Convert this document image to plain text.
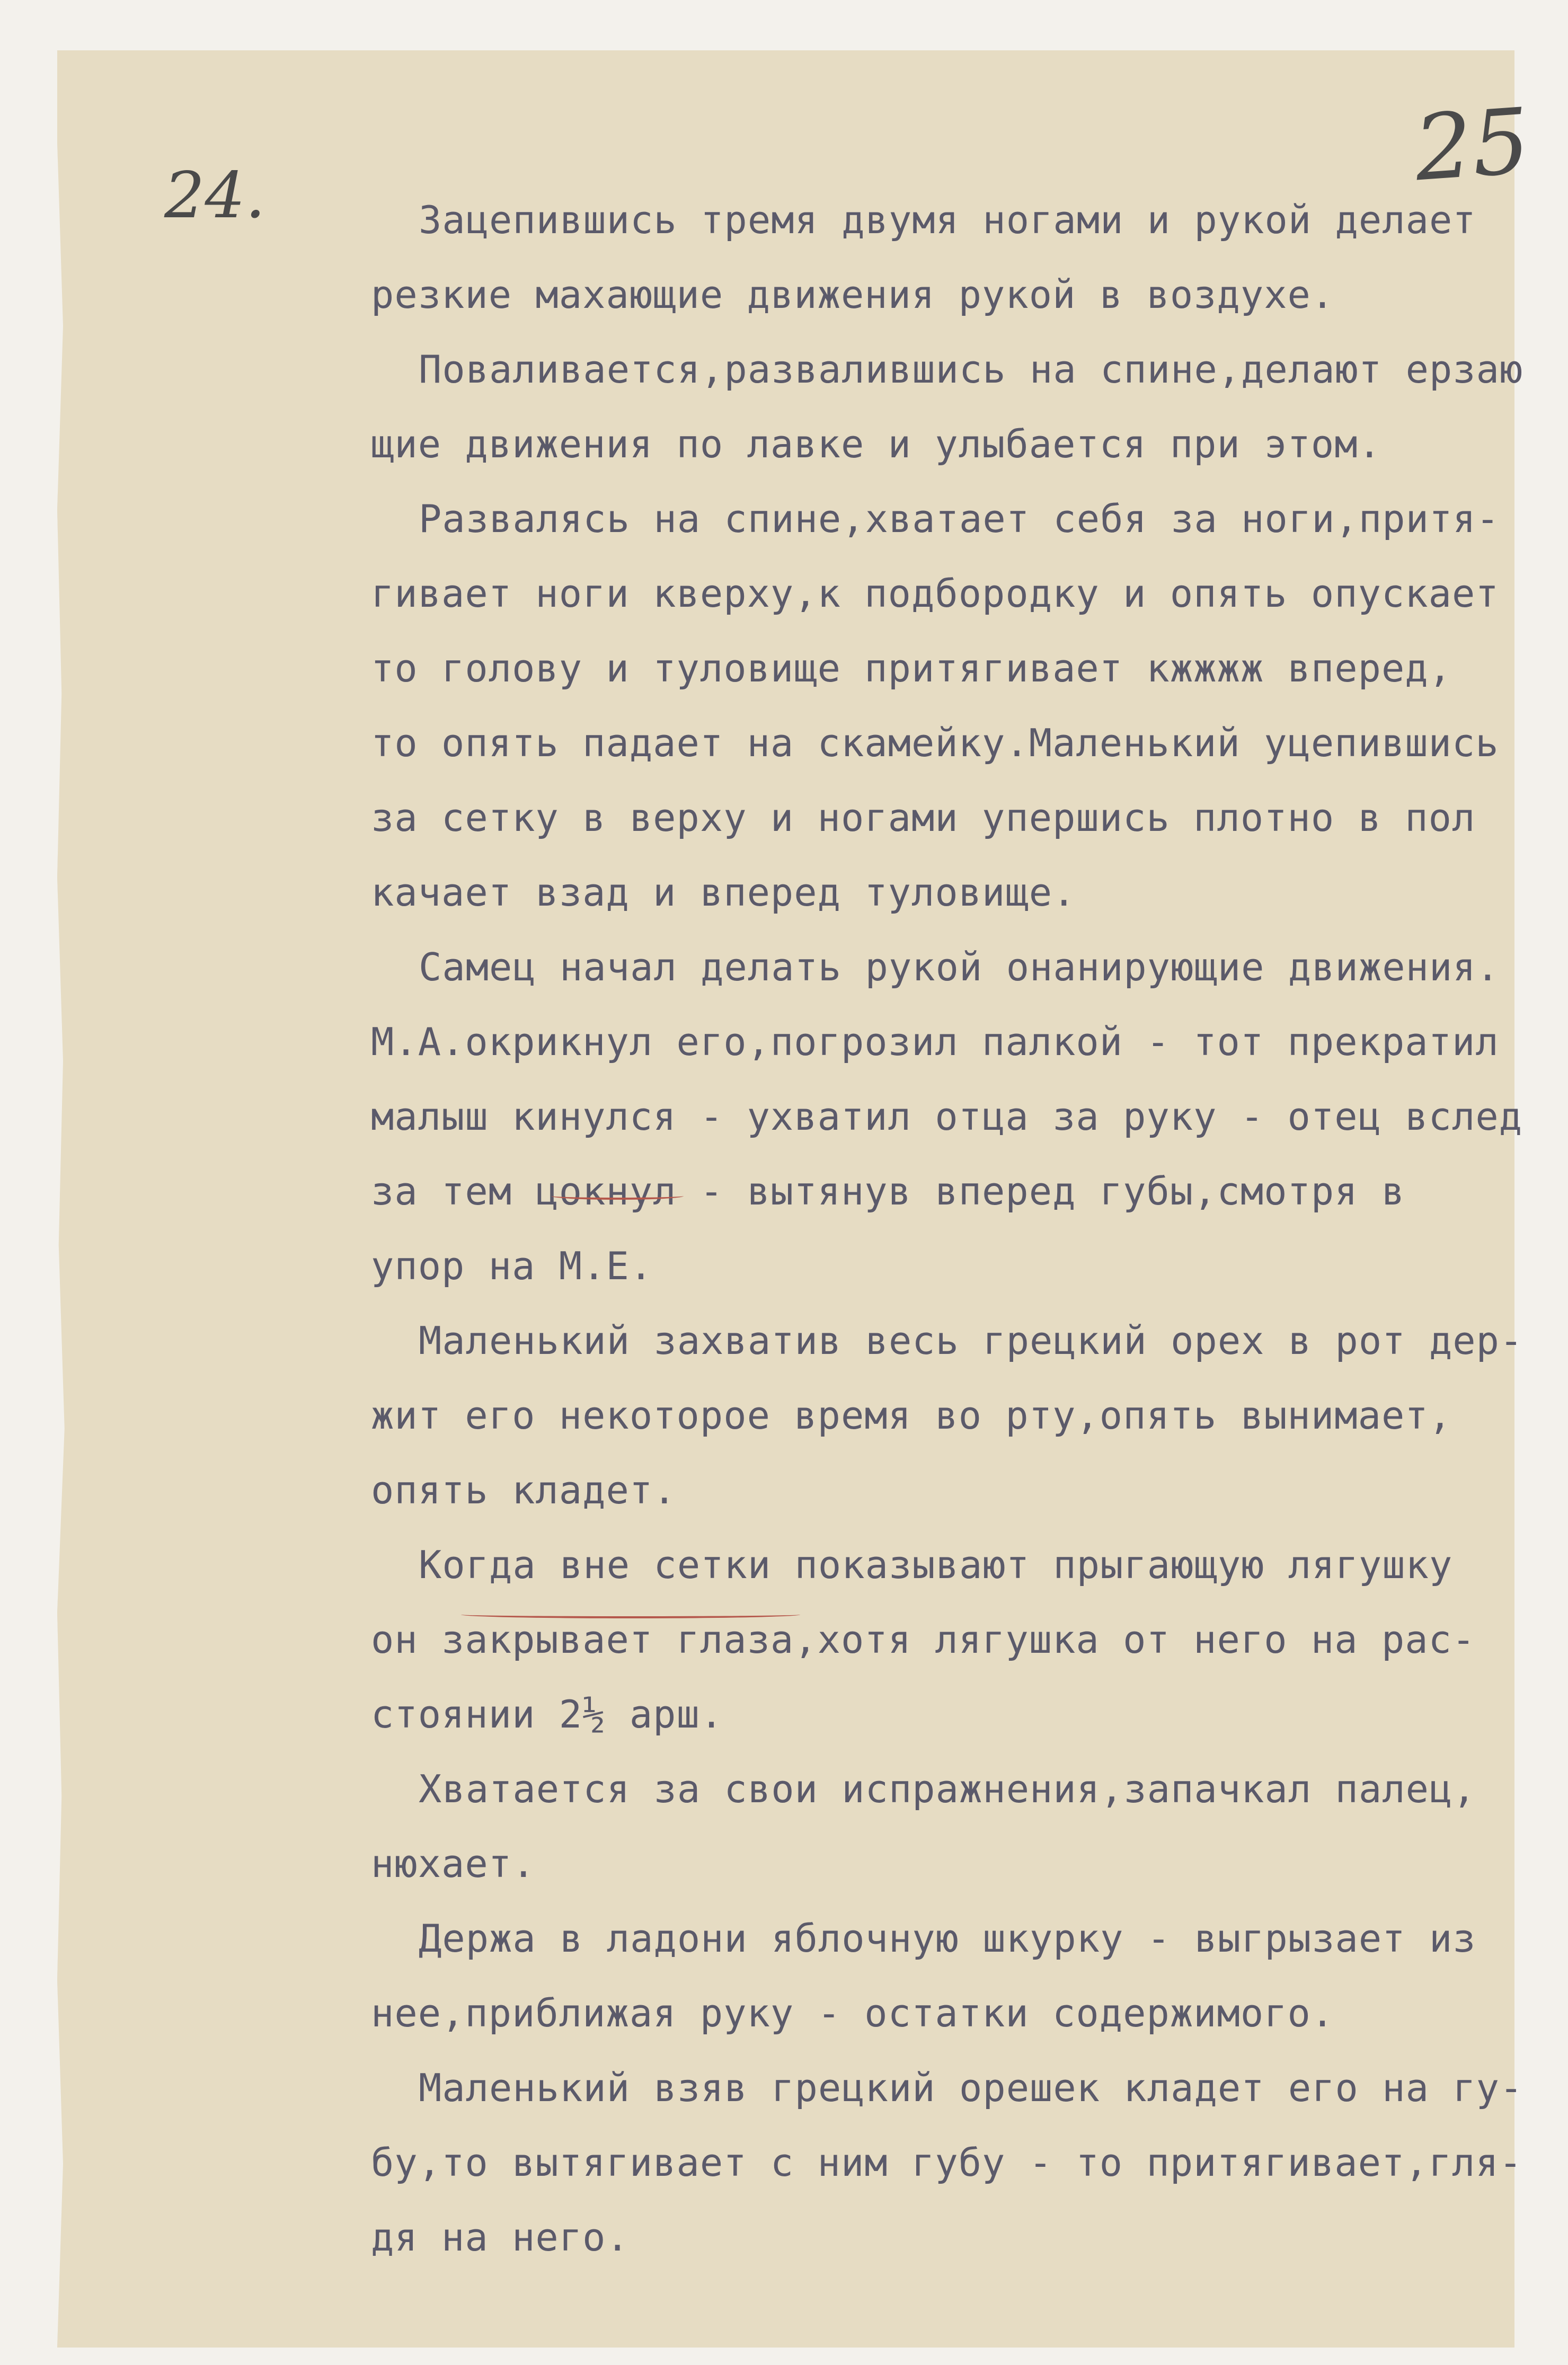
24.	25
Зацепившись тремя двумя ногами и рукой делает
резкие махающие движения рукой в воздухе.
Поваливается,развалившись на спине,делают ерзаю
щие движения по лавке и улыбается при этом.
Развалясь на спине,хватает себя за ноги,притя-
гивает ноги кверху,к подбородку и опять опускает
то голову и туловище притягивает кжжжж вперед,
то опять падает на скамейку.Маленький уцепившись
за сетку в верху и ногами упершись плотно в пол
качает взад и вперед туловище.
Самец начал делать рукой онанирующие движения.
М.А.окрикнул его,погрозил палкой - тот прекратил
малыш кинулся - ухватил отца за руку - отец вслед
за тем цокнул - вытянув вперед губы,смотря в
упор на М.Е.
Маленький захватив весь грецкий орех в рот дер-
жит его некоторое время во рту,опять вынимает,
опять кладет.
Когда вне сетки показывают прыгающую лягушку
он закрывает глаза,хотя лягушка от него на рас-
стоянии 2½ арш.
Хватается за свои испражнения,запачкал палец,
нюхает.
Держа в ладони яблочную шкурку - выгрызает из
нее,приближая руку - остатки содержимого.
Маленький взяв грецкий орешек кладет его на гу-
бу,то вытягивает с ним губу - то притягивает,гля-
дя на него.
